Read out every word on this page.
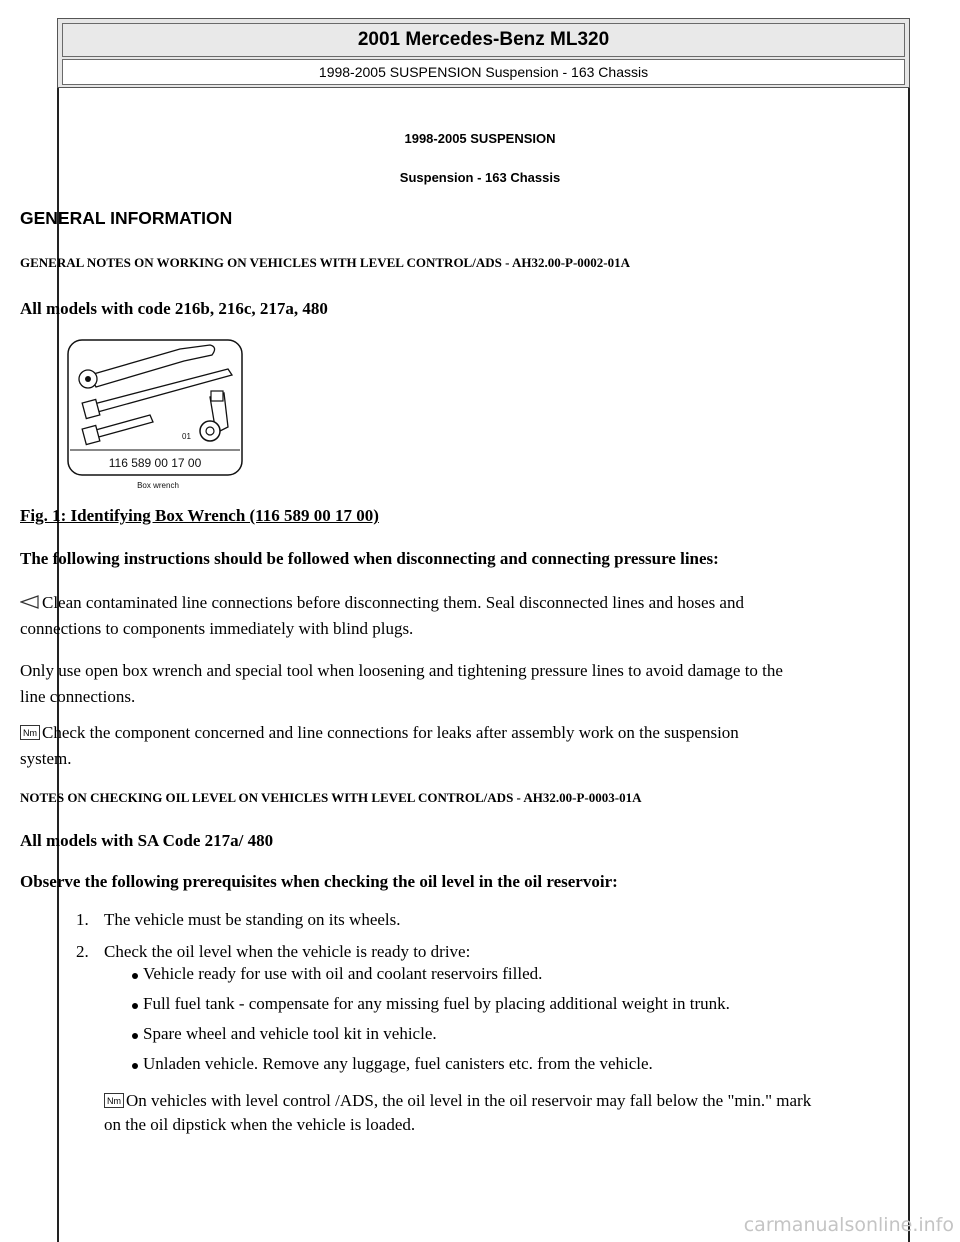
2001 Mercedes-Benz ML320
1998-2005 SUSPENSION Suspension - 163 Chassis
1998-2005 SUSPENSION
Suspension - 163 Chassis
GENERAL INFORMATION
GENERAL NOTES ON WORKING ON VEHICLES WITH LEVEL CONTROL/ADS - AH32.00-P-0002-01A
All models with code 216b, 216c, 217a, 480
01
116 589 00 17 00
Box wrench
Fig. 1: Identifying Box Wrench (116 589 00 17 00)
The following instructions should be followed when disconnecting and connecting pressure lines:
Clean contaminated line connections before disconnecting them. Seal disconnected lines and hoses and
connections to components immediately with blind plugs.
Only use open box wrench and special tool when loosening and tightening pressure lines to avoid damage to the
line connections.
Nm Check the component concerned and line connections for leaks after assembly work on the suspension
system.
NOTES ON CHECKING OIL LEVEL ON VEHICLES WITH LEVEL CONTROL/ADS - AH32.00-P-0003-01A
All models with SA Code 217a/ 480
Observe the following prerequisites when checking the oil level in the oil reservoir:
1. The vehicle must be standing on its wheels.
2. Check the oil level when the vehicle is ready to drive:
Vehicle ready for use with oil and coolant reservoirs filled.
Full fuel tank - compensate for any missing fuel by placing additional weight in trunk.
Spare wheel and vehicle tool kit in vehicle.
Unladen vehicle. Remove any luggage, fuel canisters etc. from the vehicle.
Nm On vehicles with level control /ADS, the oil level in the oil reservoir may fall below the "min." mark
on the oil dipstick when the vehicle is loaded.
carmanualsonline.info
